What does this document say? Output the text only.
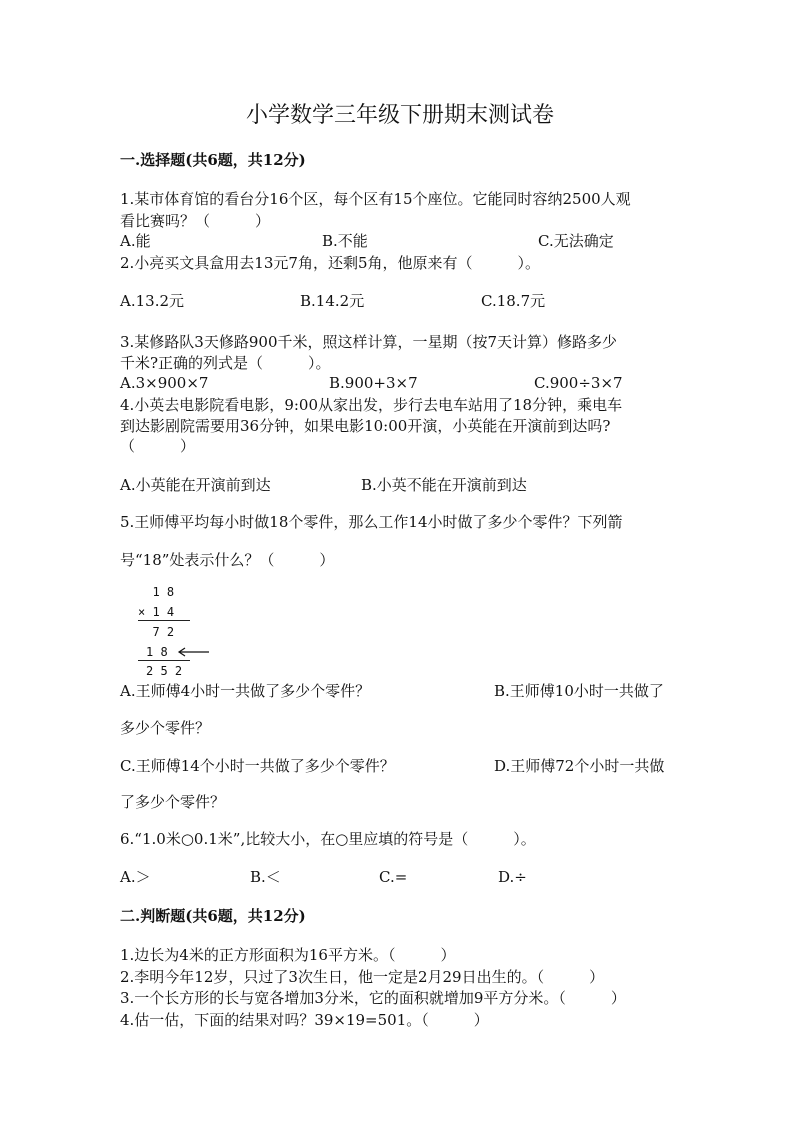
小学数学三年级下册期末测试卷
一.选择题(共6题，共12分)
1.某市体育馆的看台分16个区，每个区有15个座位。它能同时容纳2500人观
看比赛吗？（　　　）
A.能	B.不能	C.无法确定
2.小亮买文具盒用去13元7角，还剩5角，他原来有（　　　）。
A.13.2元	B.14.2元	C.18.7元
3.某修路队3天修路900千米，照这样计算，一星期（按7天计算）修路多少
千米?正确的列式是（　　　）。
A.3×900×7	B.900+3×7	C.900÷3×7
4.小英去电影院看电影，9:00从家出发，步行去电车站用了18分钟，乘电车
到达影剧院需要用36分钟，如果电影10:00开演，小英能在开演前到达吗?
（　　　）
A.小英能在开演前到达	B.小英不能在开演前到达
5.王师傅平均每小时做18个零件，那么工作14小时做了多少个零件？下列箭
号“18”处表示什么？（　　　）
1 8
× 1 4
7 2
1 8
2 5 2
A.王师傅4小时一共做了多少个零件？	B.王师傅10小时一共做了
多少个零件？
C.王师傅14个小时一共做了多少个零件？	D.王师傅72个小时一共做
了多少个零件？
6.“1.0米○0.1米”,比较大小，在○里应填的符号是（　　　）。
A.＞	B.＜	C.=	D.÷
二.判断题(共6题，共12分)
1.边长为4米的正方形面积为16平方米。（　　　）
2.李明今年12岁，只过了3次生日，他一定是2月29日出生的。（　　　）
3.一个长方形的长与宽各增加3分米，它的面积就增加9平方分米。（　　　）
4.估一估，下面的结果对吗？39×19=501。（　　　）
